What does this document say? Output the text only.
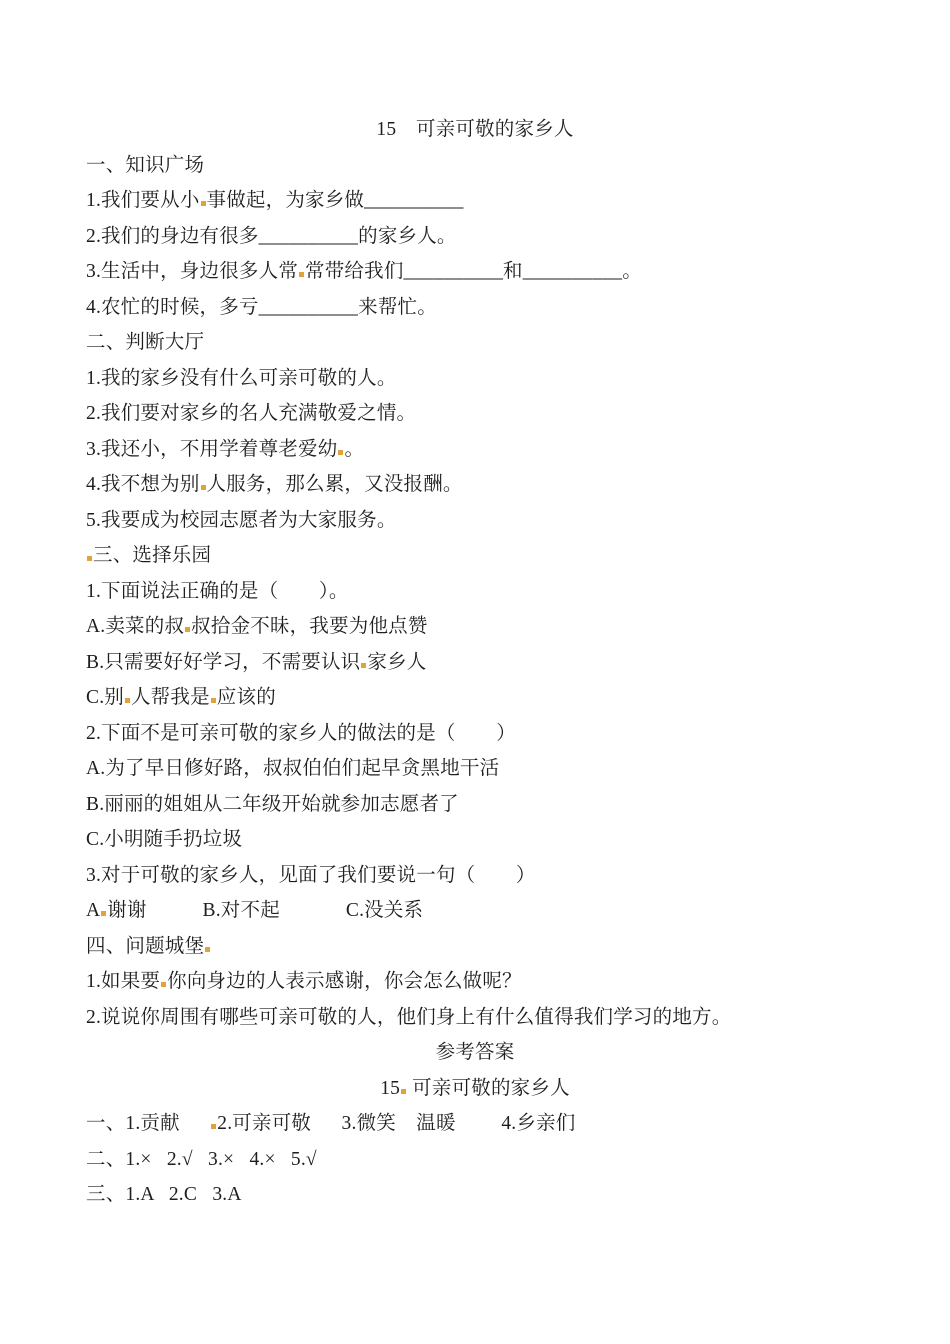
15　可亲可敬的家乡人
一、知识广场
1.我们要从小 事做起，为家乡做__________
2.我们的身边有很多__________的家乡人。
3.生活中，身边很多人常 常带给我们__________和__________。
4.农忙的时候，多亏__________来帮忙。
二、判断大厅
1.我的家乡没有什么可亲可敬的人。
2.我们要对家乡的名人充满敬爱之情。
3.我还小，不用学着尊老爱幼 。
4.我不想为别 人服务，那么累，又没报酬。
5.我要成为校园志愿者为大家服务。
三、选择乐园
1.下面说法正确的是（        ）。
A.卖菜的叔 叔拾金不昧，我要为他点赞
B.只需要好好学习，不需要认识 家乡人
C.别 人帮我是 应该的
2.下面不是可亲可敬的家乡人的做法的是（        ）
A.为了早日修好路，叔叔伯伯们起早贪黑地干活
B.丽丽的姐姐从二年级开始就参加志愿者了
C.小明随手扔垃圾
3.对于可敬的家乡人，见面了我们要说一句（        ）
A 谢谢           B.对不起             C.没关系
四、问题城堡
1.如果要 你向身边的人表示感谢，你会怎么做呢？
2.说说你周围有哪些可亲可敬的人，他们身上有什么值得我们学习的地方。
参考答案
15 可亲可敬的家乡人
一、1.贡献      2.可亲可敬      3.微笑    温暖         4.乡亲们
二、1.×   2.√   3.×   4.×   5.√
三、1.A   2.C   3.A
